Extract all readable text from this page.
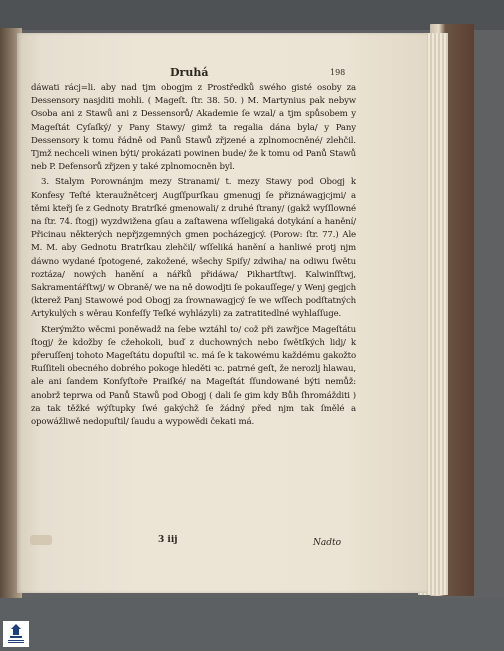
Druhá	198

dáwati rácj=li. aby nad tjm obogjm z Prostředků swého gisté osoby za Dessensory nasjditi mohli. ( Mageſt. ſtr. 38. 50. ) M. Martynius pak nebyw Osoba ani z Stawů ani z Dessensorů/ Akademie ſe wzal/ a tjm spůsobem y Mageſtát Cyſaſký/ y Pany Stawy/ gimž ta regalia dána byla/ y Pany Dessensory k tomu řádně od Panů Stawů zřjzené a zplnomocněné/ zlehčil. Tjmž nechceli winen býti/ prokázati powinen bude/ že k tomu od Panů Stawů neb P. Defensorů zřjzen y také zplnomocněn byl.

3. Stalym Porownánjm mezy Stranami/ t. mezy Stawy pod Obogj k Konfesy Teſté kteraužnětcerj Augſſpurſkau gmenugj ſe přiznáwagjcjmi/ a těmi kteřj ſe z Gednoty Bratrſké gmenowali/ z druhé ſtrany/ (gakž wyſſlowné na ſtr. 74. ſtogj) wyzdwižena gſau a zaſtawena wſſeligaká dotykání a hanění/ Přicinau některých nepřjzgemných gmen pocházegjcý. (Porow: ſtr. 77.) Ale M. M. aby Gednotu Bratrſkau zlehčil/ wſſeliká hanění a hanliwé protj njm dáwno wydané ſpotogené, zakožené, wšechy Spiſy/ zdwiha/ na odiwu ſwětu roztáza/ nowých hanění a nářků přidáwa/ Pikhartſtwj. Kalwinſſtwj, Sakramentářſtwj/ w Obraně/ we na ně dowodjti ſe pokauſſege/ y Wenj gegjch (kterež Panj Stawowé pod Obogj za ſrownawagjcý ſe we wſſech podſtatných Artykulých s wěrau Konfeſſy Teſké wyhlázyli) za zatratitedlné wyhlaſſuge.

Kterýmžto wěcmi poněwadž na ſebe wztáhl to/ což při zawřjce Mageſtátu ſtogj/ že kdožby ſe cžehokoli, buď z duchowných nebo ſwětſkých lidj/ k přeruſſenj tohoto Mageſtátu dopuſtil ꝛc. má ſe k takowému každému gakožto Ruſſiteli obecného dobrého pokoge hleděti ꝛc. patrné geſt, že nerozlj hlawau, ale ani ſandem Konſyſtoře Praiſké/ na Mageſtát ſſundowané býti nemůž: anobrž teprwa od Panů Stawů pod Obogj ( dali ſe gim kdy Bůh ſhromážditi ) za tak těžké wýſtupky ſwé gakýchž ſe žádný před njm tak ſmělé a opowážliwě nedopuſtil/ ſaudu a wypowědi čekati má.

3 iij	Nadto
